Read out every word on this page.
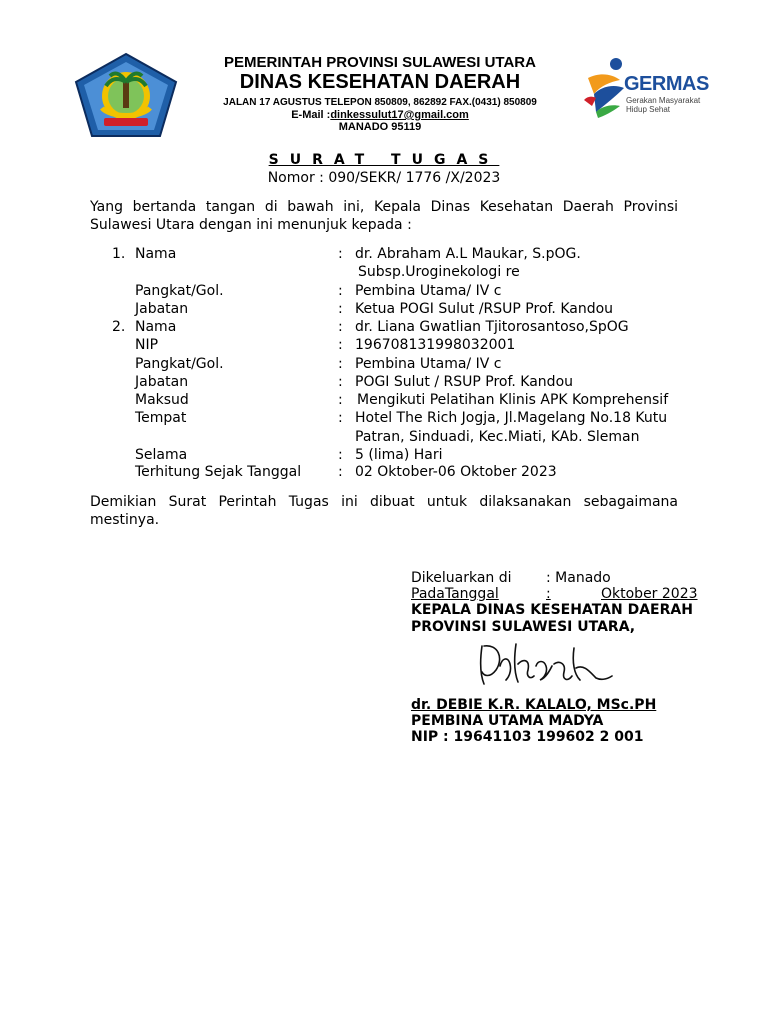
PEMERINTAH PROVINSI SULAWESI UTARA
DINAS KESEHATAN DAERAH
JALAN 17 AGUSTUS TELEPON 850809, 862892 FAX.(0431) 850809
E-Mail :dinkessulut17@gmail.com
MANADO 95119
GERMAS
Gerakan Masyarakat
Hidup Sehat
SURAT TUGAS
Nomor : 090/SEKR/ 1776 /X/2023
Yang bertanda tangan di bawah ini, Kepala Dinas Kesehatan Daerah Provinsi Sulawesi Utara dengan ini menunjuk kepada :
1. Nama	: dr. Abraham A.L Maukar, S.pOG.
Subsp.Uroginekologi re
Pangkat/Gol.	: Pembina Utama/ IV c
Jabatan	: Ketua POGI Sulut /RSUP Prof. Kandou
2. Nama	: dr. Liana Gwatlian Tjitorosantoso,SpOG
NIP	: 196708131998032001
Pangkat/Gol.	: Pembina Utama/ IV c
Jabatan	: POGI Sulut / RSUP Prof. Kandou
Maksud	: Mengikuti Pelatihan Klinis APK Komprehensif
Tempat	: Hotel The Rich Jogja, Jl.Magelang No.18 Kutu
Patran, Sinduadi, Kec.Miati, KAb. Sleman
Selama	: 5 (lima) Hari
Terhitung Sejak Tanggal	: 02 Oktober-06 Oktober 2023
Demikian Surat Perintah Tugas ini dibuat untuk dilaksanakan sebagaimana mestinya.
Dikeluarkan di : Manado
PadaTanggal	:	Oktober 2023
KEPALA DINAS KESEHATAN DAERAH
PROVINSI SULAWESI UTARA,
dr. DEBIE K.R. KALALO, MSc.PH
PEMBINA UTAMA MADYA
NIP : 19641103 199602 2 001
